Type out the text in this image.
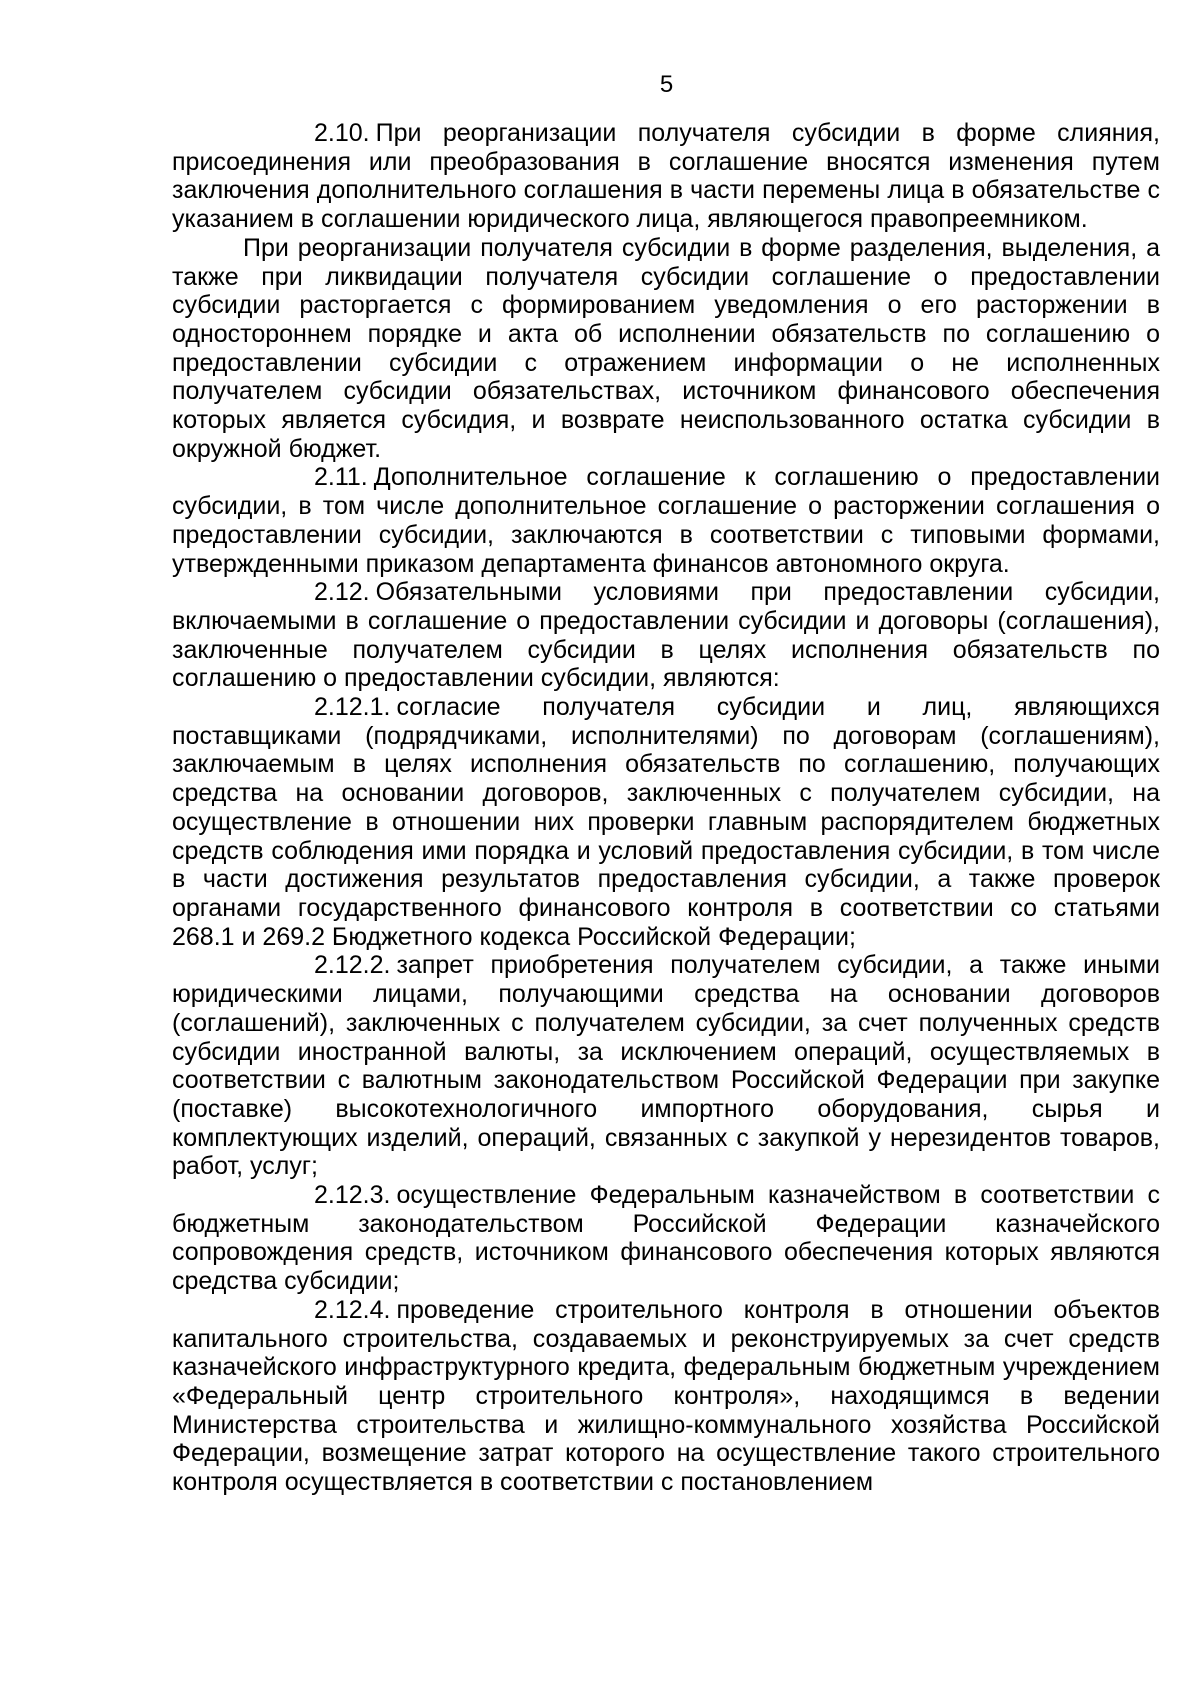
5

2.10. При реорганизации получателя субсидии в форме слияния, присоединения или преобразования в соглашение вносятся изменения путем заключения дополнительного соглашения в части перемены лица в обязательстве с указанием в соглашении юридического лица, являющегося правопреемником.

При реорганизации получателя субсидии в форме разделения, выделения, а также при ликвидации получателя субсидии соглашение о предоставлении субсидии расторгается с формированием уведомления о его расторжении в одностороннем порядке и акта об исполнении обязательств по соглашению о предоставлении субсидии с отражением информации о не исполненных получателем субсидии обязательствах, источником финансового обеспечения которых является субсидия, и возврате неиспользованного остатка субсидии в окружной бюджет.

2.11. Дополнительное соглашение к соглашению о предоставлении субсидии, в том числе дополнительное соглашение о расторжении соглашения о предоставлении субсидии, заключаются в соответствии с типовыми формами, утвержденными приказом департамента финансов автономного округа.

2.12. Обязательными условиями при предоставлении субсидии, включаемыми в соглашение о предоставлении субсидии и договоры (соглашения), заключенные получателем субсидии в целях исполнения обязательств по соглашению о предоставлении субсидии, являются:

2.12.1. согласие получателя субсидии и лиц, являющихся поставщиками (подрядчиками, исполнителями) по договорам (соглашениям), заключаемым в целях исполнения обязательств по соглашению, получающих средства на основании договоров, заключенных с получателем субсидии, на осуществление в отношении них проверки главным распорядителем бюджетных средств соблюдения ими порядка и условий предоставления субсидии, в том числе в части достижения результатов предоставления субсидии, а также проверок органами государственного финансового контроля в соответствии со статьями 268.1 и 269.2 Бюджетного кодекса Российской Федерации;

2.12.2. запрет приобретения получателем субсидии, а также иными юридическими лицами, получающими средства на основании договоров (соглашений), заключенных с получателем субсидии, за счет полученных средств субсидии иностранной валюты, за исключением операций, осуществляемых в соответствии с валютным законодательством Российской Федерации при закупке (поставке) высокотехнологичного импортного оборудования, сырья и комплектующих изделий, операций, связанных с закупкой у нерезидентов товаров, работ, услуг;

2.12.3. осуществление Федеральным казначейством в соответствии с бюджетным законодательством Российской Федерации казначейского сопровождения средств, источником финансового обеспечения которых являются средства субсидии;

2.12.4. проведение строительного контроля в отношении объектов капитального строительства, создаваемых и реконструируемых за счет средств казначейского инфраструктурного кредита, федеральным бюджетным учреждением «Федеральный центр строительного контроля», находящимся в ведении Министерства строительства и жилищно-коммунального хозяйства Российской Федерации, возмещение затрат которого на осуществление такого строительного контроля осуществляется в соответствии с постановлением
